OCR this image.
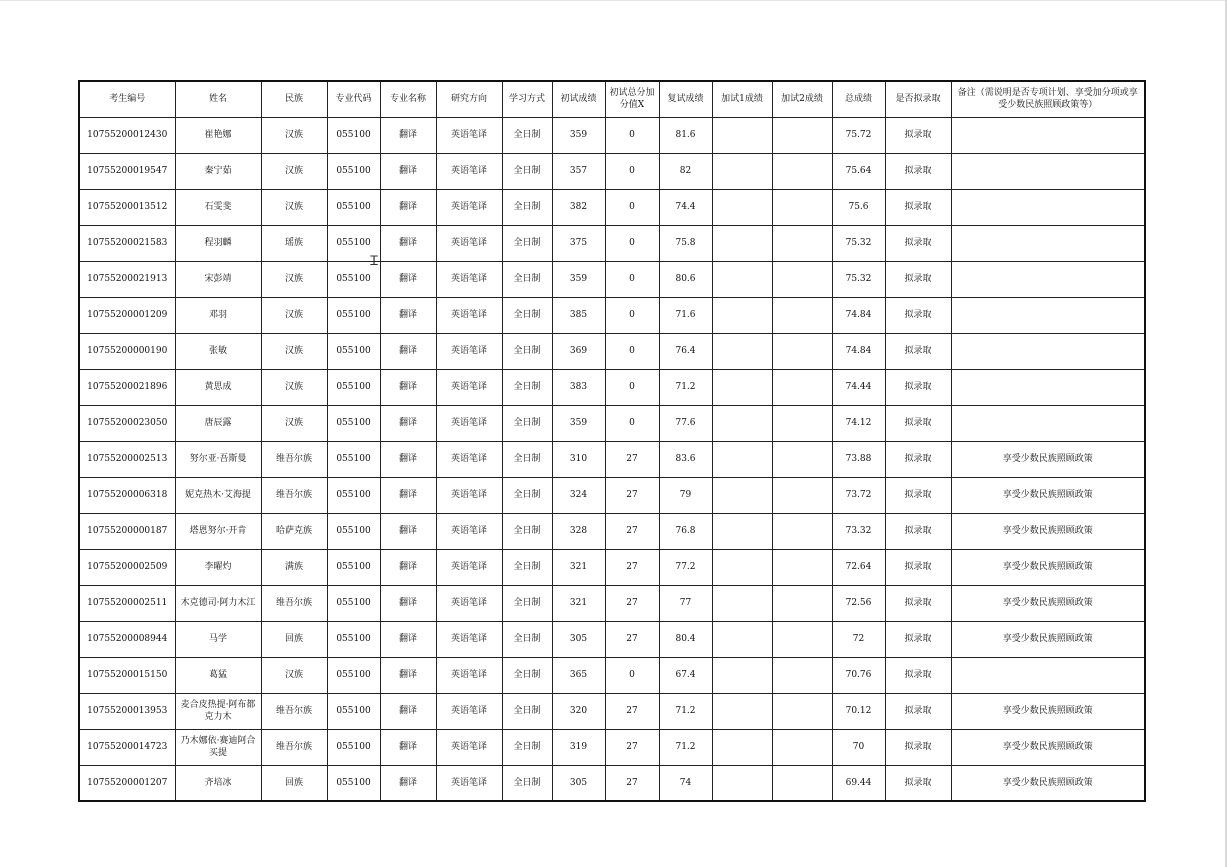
考生编号	姓名	民族	专业代码	专业名称	研究方向	学习方式	初试成绩	初试总分加分值X	复试成绩	加试1成绩	加试2成绩	总成绩	是否拟录取	备注（需说明是否专项计划、享受加分项或享受少数民族照顾政策等）
10755200012430	崔艳娜	汉族	055100	翻译	英语笔译	全日制	359	0	81.6			75.72	拟录取	
10755200019547	秦宁茹	汉族	055100	翻译	英语笔译	全日制	357	0	82			75.64	拟录取	
10755200013512	石雯斐	汉族	055100	翻译	英语笔译	全日制	382	0	74.4			75.6	拟录取	
10755200021583	程羽麟	瑶族	055100	翻译	英语笔译	全日制	375	0	75.8			75.32	拟录取	
10755200021913	宋彭靖	汉族	055100	翻译	英语笔译	全日制	359	0	80.6			75.32	拟录取	
10755200001209	邓羽	汉族	055100	翻译	英语笔译	全日制	385	0	71.6			74.84	拟录取	
10755200000190	张敏	汉族	055100	翻译	英语笔译	全日制	369	0	76.4			74.84	拟录取	
10755200021896	黄思成	汉族	055100	翻译	英语笔译	全日制	383	0	71.2			74.44	拟录取	
10755200023050	唐辰露	汉族	055100	翻译	英语笔译	全日制	359	0	77.6			74.12	拟录取	
10755200002513	努尔亚·吾斯曼	维吾尔族	055100	翻译	英语笔译	全日制	310	27	83.6			73.88	拟录取	享受少数民族照顾政策
10755200006318	妮克热木·艾海提	维吾尔族	055100	翻译	英语笔译	全日制	324	27	79			73.72	拟录取	享受少数民族照顾政策
10755200000187	塔恩努尔·开肯	哈萨克族	055100	翻译	英语笔译	全日制	328	27	76.8			73.32	拟录取	享受少数民族照顾政策
10755200002509	李曜灼	满族	055100	翻译	英语笔译	全日制	321	27	77.2			72.64	拟录取	享受少数民族照顾政策
10755200002511	木克德司·阿力木江	维吾尔族	055100	翻译	英语笔译	全日制	321	27	77			72.56	拟录取	享受少数民族照顾政策
10755200008944	马学	回族	055100	翻译	英语笔译	全日制	305	27	80.4			72	拟录取	享受少数民族照顾政策
10755200015150	葛猛	汉族	055100	翻译	英语笔译	全日制	365	0	67.4			70.76	拟录取	
10755200013953	麦合皮热提·阿布都克力木	维吾尔族	055100	翻译	英语笔译	全日制	320	27	71.2			70.12	拟录取	享受少数民族照顾政策
10755200014723	乃木娜依·赛迪阿合买提	维吾尔族	055100	翻译	英语笔译	全日制	319	27	71.2			70	拟录取	享受少数民族照顾政策
10755200001207	齐培冰	回族	055100	翻译	英语笔译	全日制	305	27	74			69.44	拟录取	享受少数民族照顾政策
Ꮖ
